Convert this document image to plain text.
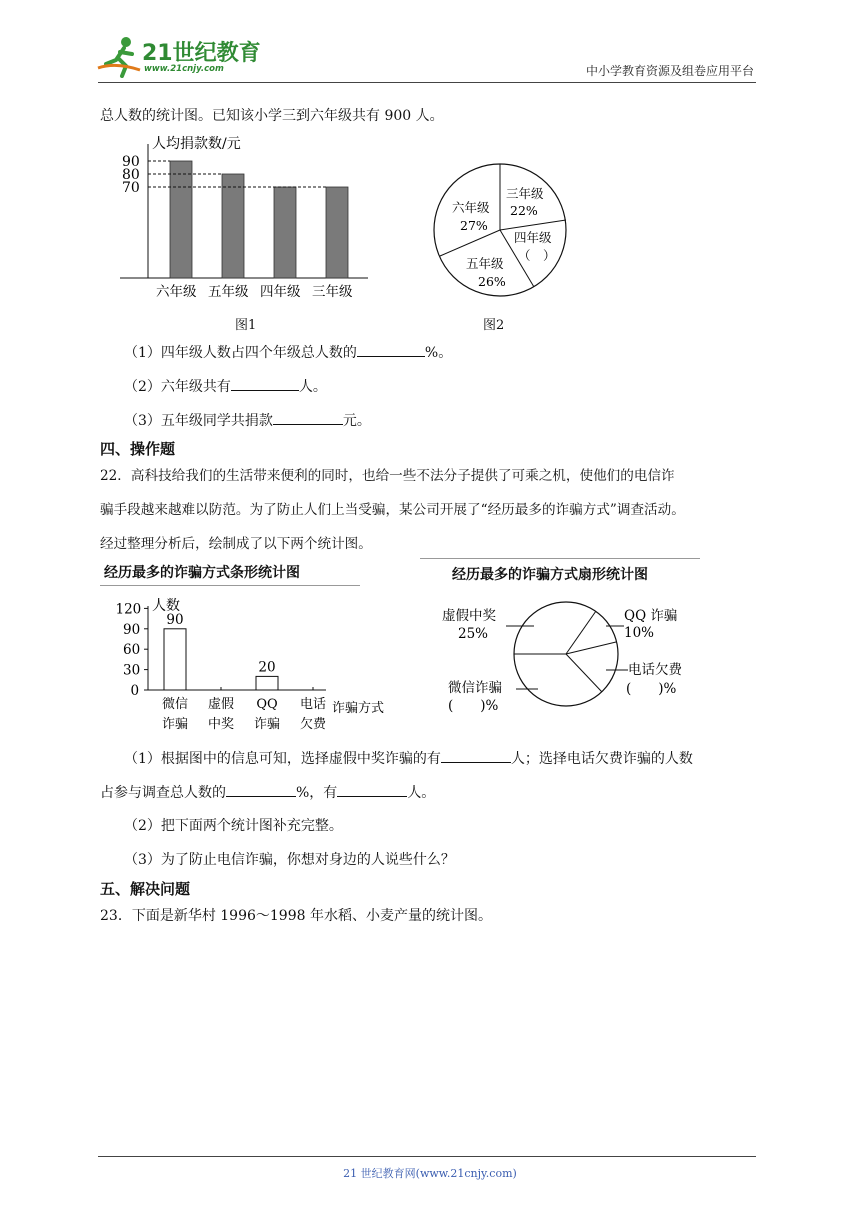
21世纪教育
www.21cnjy.com	中小学教育资源及组卷应用平台
总人数的统计图。已知该小学三到六年级共有 900 人。
人均捐款数/元
70
80
90
六年级 五年级 四年级 三年级
图1
三年级
22%
四年级
（　）
五年级
26%
六年级
27%
图2
（1）四年级人数占四个年级总人数的	%。
（2）六年级共有	人。
（3）五年级同学共捐款	元。
四、操作题
22．高科技给我们的生活带来便利的同时，也给一些不法分子提供了可乘之机，使他们的电信诈
骗手段越来越难以防范。为了防止人们上当受骗，某公司开展了“经历最多的诈骗方式”调查活动。
经过整理分析后，绘制成了以下两个统计图。
经历最多的诈骗方式条形统计图
人数
诈骗方式
0
30
60
90
120
90
20
微信
诈骗
虚假
中奖
QQ
诈骗
电话
欠费
经历最多的诈骗方式扇形统计图
虚假中奖
25%
QQ 诈骗
10%
电话欠费
(　　)%
微信诈骗
(　　)%
（1）根据图中的信息可知，选择虚假中奖诈骗的有	人；选择电话欠费诈骗的人数
占参与调查总人数的	%，有	人。
（2）把下面两个统计图补充完整。
（3）为了防止电信诈骗，你想对身边的人说些什么？
五、解决问题
23．下面是新华村 1996～1998 年水稻、小麦产量的统计图。
21 世纪教育网(www.21cnjy.com)
